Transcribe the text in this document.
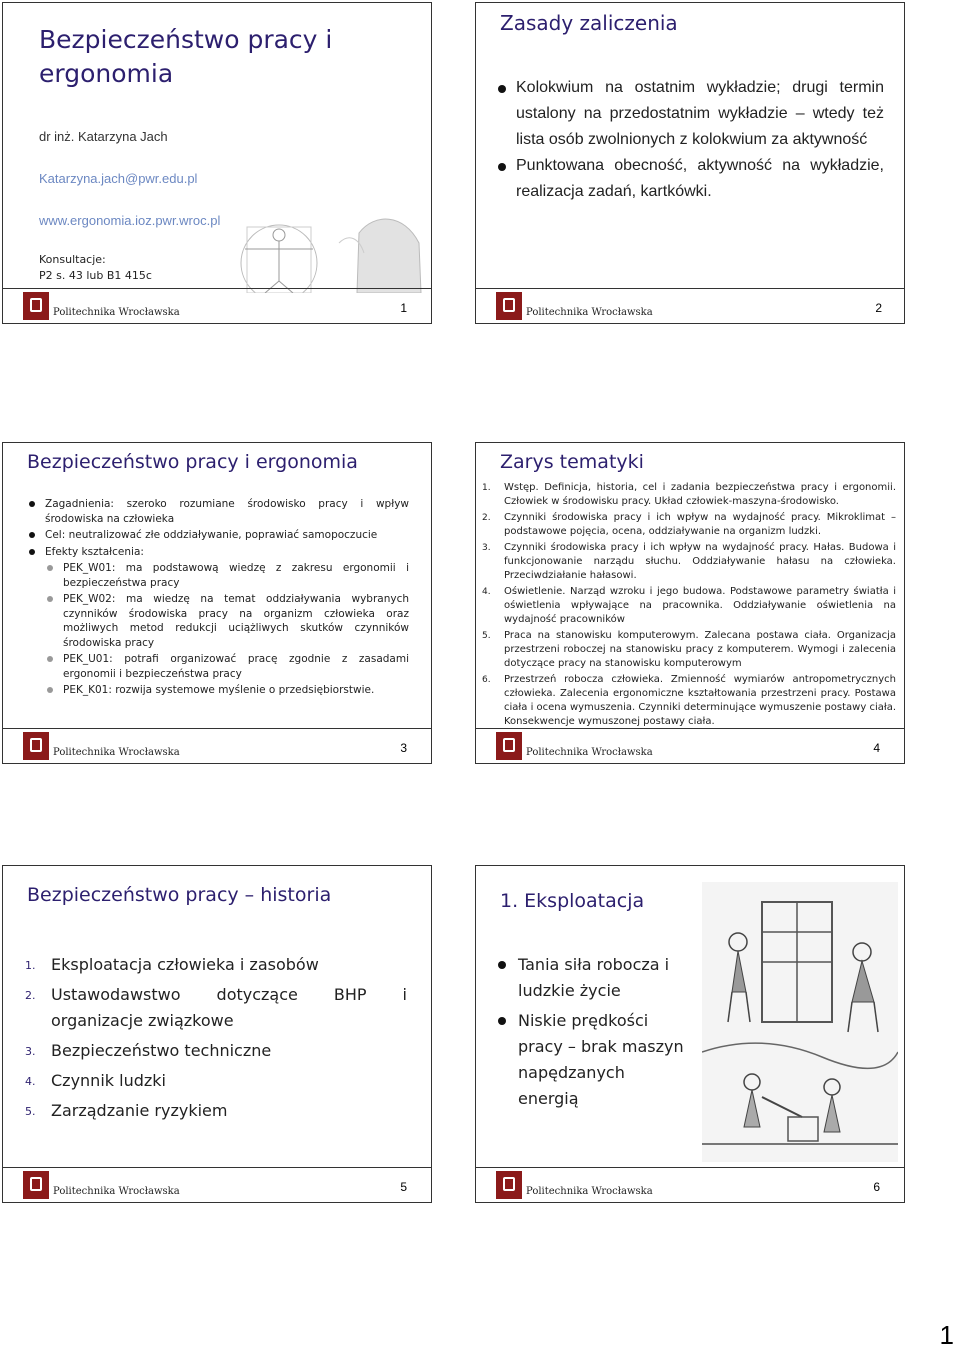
Bezpieczeństwo pracy i ergonomia
dr inż. Katarzyna Jach
Katarzyna.jach@pwr.edu.pl
www.ergonomia.ioz.pwr.wroc.pl
Konsultacje:
P2 s. 43 lub B1 415c
Politechnika Wrocławska	1
Zasady zaliczenia
Kolokwium na ostatnim wykładzie; drugi termin ustalony na przedostatnim wykładzie – wtedy też lista osób zwolnionych z kolokwium za aktywność
Punktowana obecność, aktywność na wykładzie, realizacja zadań, kartkówki.
Politechnika Wrocławska	2
Bezpieczeństwo pracy i ergonomia
Zagadnienia: szeroko rozumiane środowisko pracy i wpływ środowiska na człowieka
Cel: neutralizować złe oddziaływanie, poprawiać samopoczucie
Efekty kształcenia:
PEK_W01: ma podstawową wiedzę z zakresu ergonomii i bezpieczeństwa pracy
PEK_W02: ma wiedzę na temat oddziaływania wybranych czynników środowiska pracy na organizm człowieka oraz możliwych metod redukcji uciążliwych skutków czynników środowiska pracy
PEK_U01: potrafi organizować pracę zgodnie z zasadami ergonomii i bezpieczeństwa pracy
PEK_K01: rozwija systemowe myślenie o przedsiębiorstwie.
Politechnika Wrocławska	3
Zarys tematyki
1. Wstęp. Definicja, historia, cel i zadania bezpieczeństwa pracy i ergonomii. Człowiek w środowisku pracy. Układ człowiek-maszyna-środowisko.
2. Czynniki środowiska pracy i ich wpływ na wydajność pracy. Mikroklimat – podstawowe pojęcia, ocena, oddziaływanie na organizm ludzki.
3. Czynniki środowiska pracy i ich wpływ na wydajność pracy. Hałas. Budowa i funkcjonowanie narządu słuchu. Oddziaływanie hałasu na człowieka. Przeciwdziałanie hałasowi.
4. Oświetlenie. Narząd wzroku i jego budowa. Podstawowe parametry światła i oświetlenia wpływające na pracownika. Oddziaływanie oświetlenia na wydajność pracowników
5. Praca na stanowisku komputerowym. Zalecana postawa ciała. Organizacja przestrzeni roboczej na stanowisku pracy z komputerem. Wymogi i zalecenia dotyczące pracy na stanowisku komputerowym
6. Przestrzeń robocza człowieka. Zmienność wymiarów antropometrycznych człowieka. Zalecenia ergonomiczne kształtowania przestrzeni pracy. Postawa ciała i ocena wymuszenia. Czynniki determinujące wymuszenie postawy ciała. Konsekwencje wymuszonej postawy ciała.
Politechnika Wrocławska	4
Bezpieczeństwo pracy – historia
1. Eksploatacja człowieka i zasobów
2. Ustawodawstwo dotyczące BHP i
organizacje związkowe
3. Bezpieczeństwo techniczne
4. Czynnik ludzki
5. Zarządzanie ryzykiem
Politechnika Wrocławska	5
1. Eksploatacja
Tania siła robocza i ludzkie życie
Niskie prędkości pracy – brak maszyn napędzanych energią
Politechnika Wrocławska	6
1
